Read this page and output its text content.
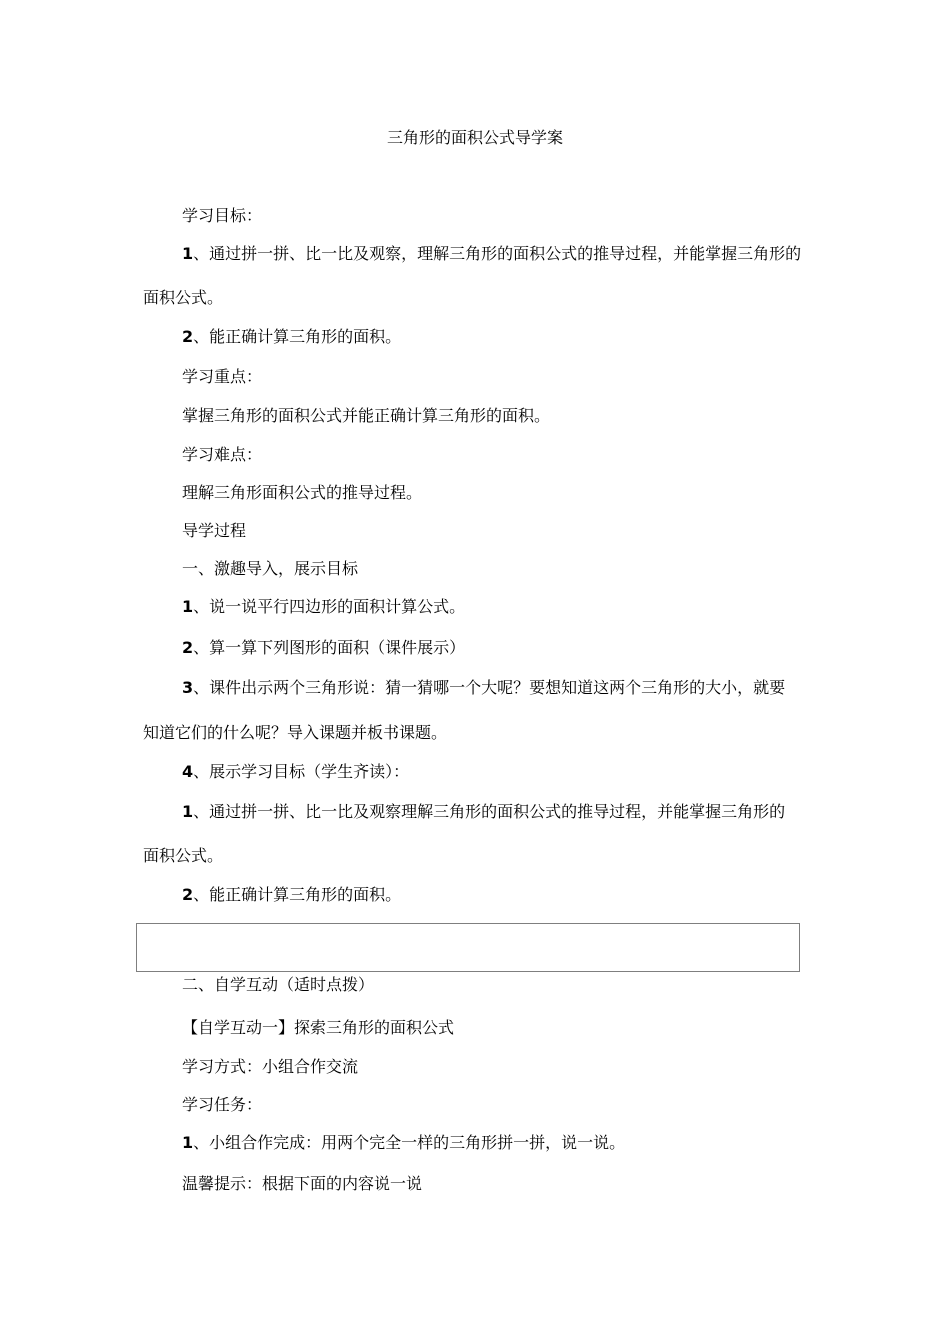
三角形的面积公式导学案
学习目标：
1、通过拼一拼、比一比及观察，理解三角形的面积公式的推导过程，并能掌握三角形的
面积公式。
2、能正确计算三角形的面积。
学习重点：
掌握三角形的面积公式并能正确计算三角形的面积。
学习难点：
理解三角形面积公式的推导过程。
导学过程
一、激趣导入，展示目标
1、说一说平行四边形的面积计算公式。
2、算一算下列图形的面积（课件展示）
3、课件出示两个三角形说：猜一猜哪一个大呢？要想知道这两个三角形的大小，就要
知道它们的什么呢？导入课题并板书课题。
4、展示学习目标（学生齐读）：
1、通过拼一拼、比一比及观察理解三角形的面积公式的推导过程，并能掌握三角形的
面积公式。
2、能正确计算三角形的面积。
二、自学互动（适时点拨）
【自学互动一】探索三角形的面积公式
学习方式：小组合作交流
学习任务：
1、小组合作完成：用两个完全一样的三角形拼一拼，说一说。
温馨提示：根据下面的内容说一说
